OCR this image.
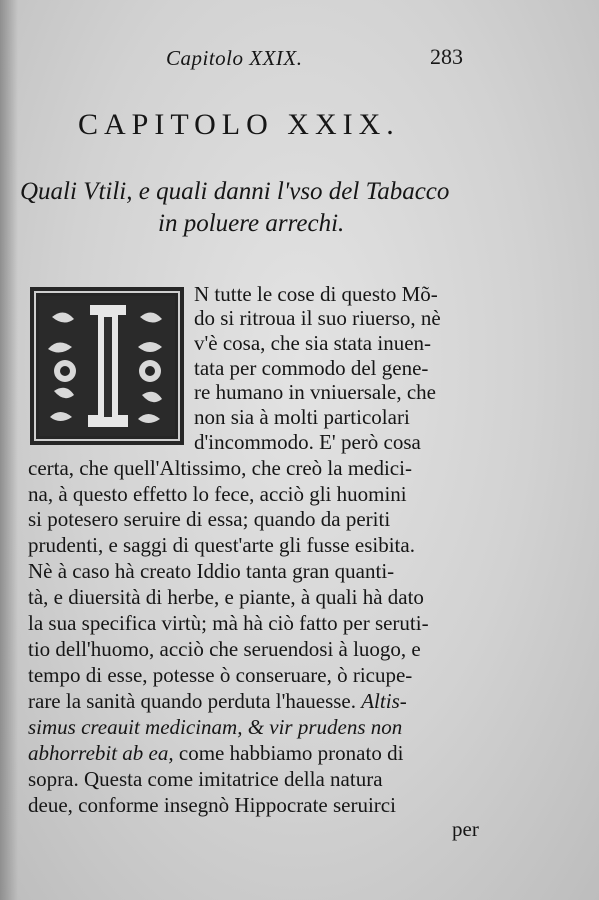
Capitolo XXIX.	283
CAPITOLO XXIX.
Quali Vtili, e quali danni l'vso del Tabacco
in poluere arrechi.
N tutte le cose di questo Mõ-
do si ritroua il suo riuerso, nè
v'è cosa, che sia stata inuen-
tata per commodo del gene-
re humano in vniuersale, che
non sia à molti particolari
d'incommodo. E' però cosa
certa, che quell'Altissimo, che creò la medici-
na, à questo effetto lo fece, acciò gli huomini
si potesero seruire di essa; quando da periti
prudenti, e saggi di quest'arte gli fusse esibita.
Nè à caso hà creato Iddio tanta gran quanti-
tà, e diuersità di herbe, e piante, à quali hà dato
la sua specifica virtù; mà hà ciò fatto per seruti-
tio dell'huomo, acciò che seruendosi à luogo, e
tempo di esse, potesse ò conseruare, ò ricupe-
rare la sanità quando perduta l'hauesse. Altis-
simus creauit medicinam, & vir prudens non
abhorrebit ab ea, come habbiamo pronato di
sopra. Questa come imitatrice della natura
deue, conforme insegnò Hippocrate seruirci
per
